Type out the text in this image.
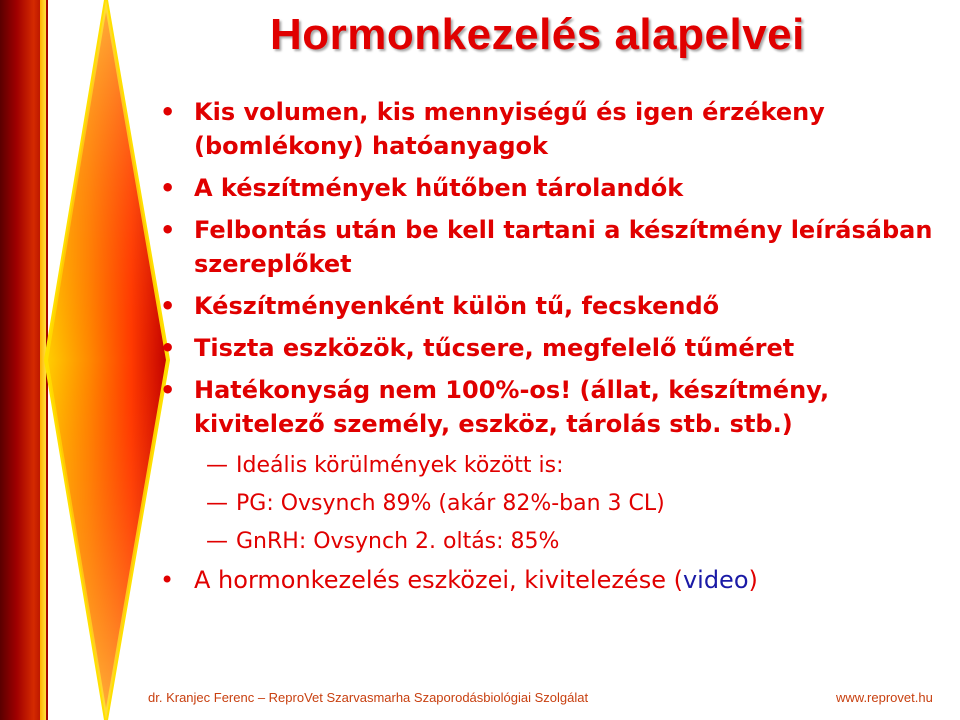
Hormonkezelés alapelvei
• Kis volumen, kis mennyiségű és igen érzékeny (bomlékony) hatóanyagok
• A készítmények hűtőben tárolandók
• Felbontás után be kell tartani a készítmény leírásában szereplőket
• Készítményenként külön tű, fecskendő
• Tiszta eszközök, tűcsere, megfelelő tűméret
• Hatékonyság nem 100%-os! (állat, készítmény, kivitelező személy, eszköz, tárolás stb. stb.)
— Ideális körülmények között is:
— PG: Ovsynch 89% (akár 82%-ban 3 CL)
— GnRH: Ovsynch 2. oltás: 85%
• A hormonkezelés eszközei, kivitelezése (video)
dr. Kranjec Ferenc – ReproVet Szarvasmarha Szaporodásbiológiai Szolgálat	www.reprovet.hu
